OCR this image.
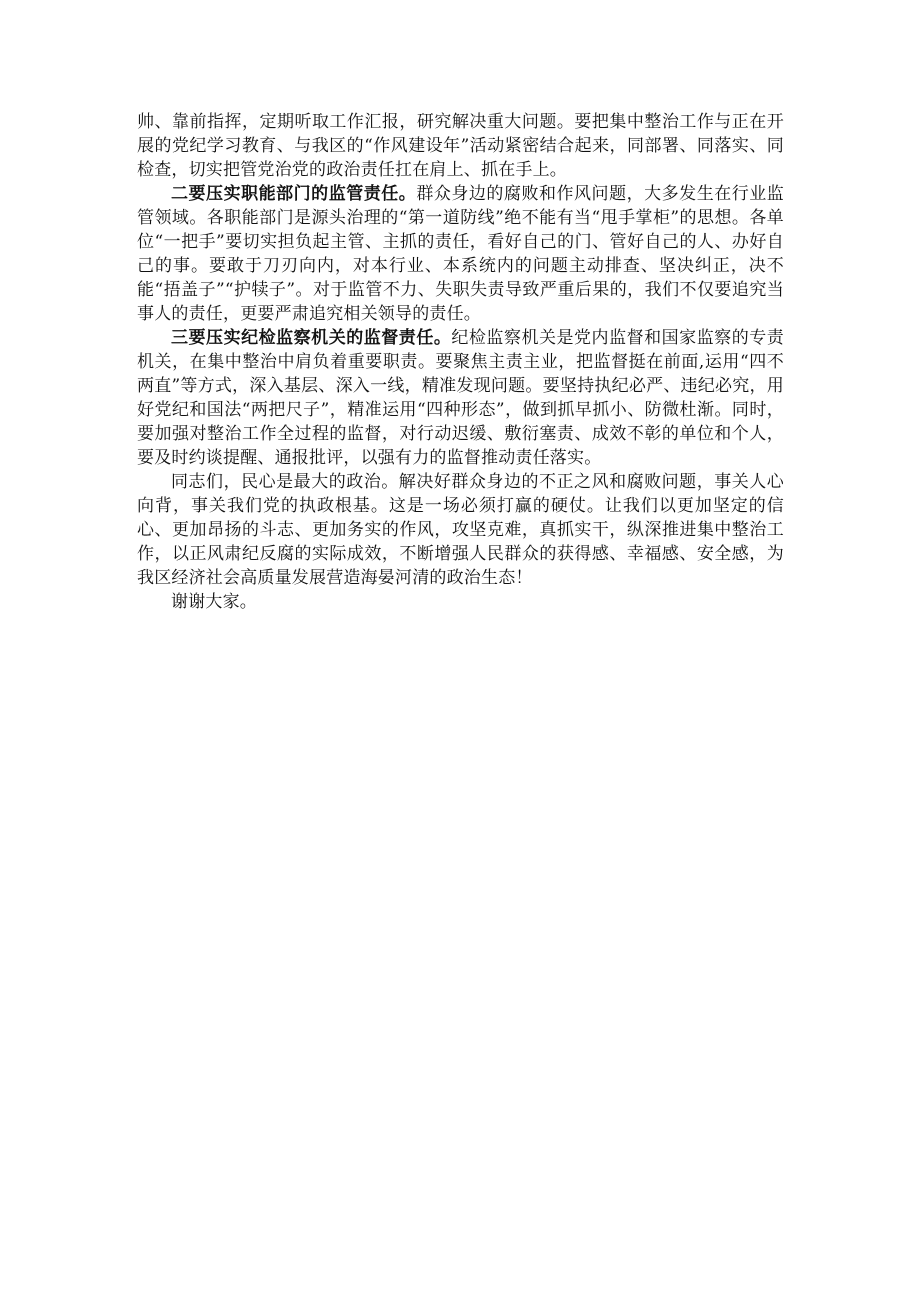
帅、靠前指挥，定期听取工作汇报，研究解决重大问题。要把集中整治工作与正在开展的党纪学习教育、与我区的“作风建设年”活动紧密结合起来，同部署、同落实、同检查，切实把管党治党的政治责任扛在肩上、抓在手上。

二要压实职能部门的监管责任。群众身边的腐败和作风问题，大多发生在行业监管领域。各职能部门是源头治理的“第一道防线”绝不能有当“甩手掌柜”的思想。各单位“一把手”要切实担负起主管、主抓的责任，看好自己的门、管好自己的人、办好自己的事。要敢于刀刃向内，对本行业、本系统内的问题主动排查、坚决纠正，决不能“捂盖子”“护犊子”。对于监管不力、失职失责导致严重后果的，我们不仅要追究当事人的责任，更要严肃追究相关领导的责任。

三要压实纪检监察机关的监督责任。纪检监察机关是党内监督和国家监察的专责机关，在集中整治中肩负着重要职责。要聚焦主责主业，把监督挺在前面,运用“四不两直”等方式，深入基层、深入一线，精准发现问题。要坚持执纪必严、违纪必究，用好党纪和国法“两把尺子”，精准运用“四种形态”，做到抓早抓小、防微杜渐。同时，要加强对整治工作全过程的监督，对行动迟缓、敷衍塞责、成效不彰的单位和个人，要及时约谈提醒、通报批评，以强有力的监督推动责任落实。

同志们，民心是最大的政治。解决好群众身边的不正之风和腐败问题，事关人心向背，事关我们党的执政根基。这是一场必须打赢的硬仗。让我们以更加坚定的信心、更加昂扬的斗志、更加务实的作风，攻坚克难，真抓实干，纵深推进集中整治工作，以正风肃纪反腐的实际成效，不断增强人民群众的获得感、幸福感、安全感，为我区经济社会高质量发展营造海晏河清的政治生态！

谢谢大家。
